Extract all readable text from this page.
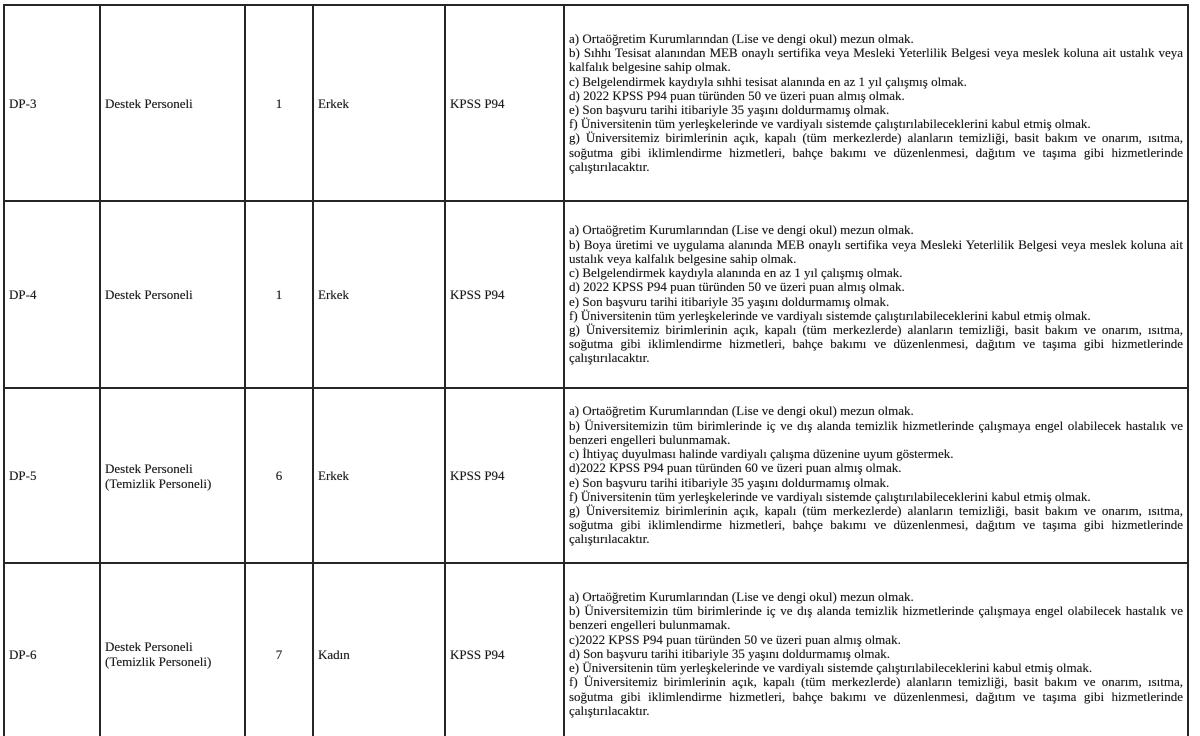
DP-3	Destek Personeli	1	Erkek	KPSS P94	
a) Ortaöğretim Kurumlarından (Lise ve dengi okul) mezun olmak.
b) Sıhhı Tesisat alanından MEB onaylı sertifika veya Mesleki Yeterlilik Belgesi veya meslek koluna ait ustalık veya kalfalık belgesine sahip olmak.
c) Belgelendirmek kaydıyla sıhhi tesisat alanında en az 1 yıl çalışmış olmak.
d) 2022 KPSS P94 puan türünden 50 ve üzeri puan almış olmak.
e) Son başvuru tarihi itibariyle 35 yaşını doldurmamış olmak.
f) Üniversitenin tüm yerleşkelerinde ve vardiyalı sistemde çalıştırılabileceklerini kabul etmiş olmak.
g) Üniversitemiz birimlerinin açık, kapalı (tüm merkezlerde) alanların temizliği, basit bakım ve onarım, ısıtma, soğutma gibi iklimlendirme hizmetleri, bahçe bakımı ve düzenlenmesi, dağıtım ve taşıma gibi hizmetlerinde çalıştırılacaktır.

DP-4	Destek Personeli	1	Erkek	KPSS P94	
a) Ortaöğretim Kurumlarından (Lise ve dengi okul) mezun olmak.
b) Boya üretimi ve uygulama alanında MEB onaylı sertifika veya Mesleki Yeterlilik Belgesi veya meslek koluna ait ustalık veya kalfalık belgesine sahip olmak.
c) Belgelendirmek kaydıyla alanında en az 1 yıl çalışmış olmak.
d) 2022 KPSS P94 puan türünden 50 ve üzeri puan almış olmak.
e) Son başvuru tarihi itibariyle 35 yaşını doldurmamış olmak.
f) Üniversitenin tüm yerleşkelerinde ve vardiyalı sistemde çalıştırılabileceklerini kabul etmiş olmak.
g) Üniversitemiz birimlerinin açık, kapalı (tüm merkezlerde) alanların temizliği, basit bakım ve onarım, ısıtma, soğutma gibi iklimlendirme hizmetleri, bahçe bakımı ve düzenlenmesi, dağıtım ve taşıma gibi hizmetlerinde çalıştırılacaktır.

DP-5	Destek Personeli (Temizlik Personeli)	6	Erkek	KPSS P94	
a) Ortaöğretim Kurumlarından (Lise ve dengi okul) mezun olmak.
b) Üniversitemizin tüm birimlerinde iç ve dış alanda temizlik hizmetlerinde çalışmaya engel olabilecek hastalık ve benzeri engelleri bulunmamak.
c) İhtiyaç duyulması halinde vardiyalı çalışma düzenine uyum göstermek.
d)2022 KPSS P94 puan türünden 60 ve üzeri puan almış olmak.
e) Son başvuru tarihi itibariyle 35 yaşını doldurmamış olmak.
f) Üniversitenin tüm yerleşkelerinde ve vardiyalı sistemde çalıştırılabileceklerini kabul etmiş olmak.
g) Üniversitemiz birimlerinin açık, kapalı (tüm merkezlerde) alanların temizliği, basit bakım ve onarım, ısıtma, soğutma gibi iklimlendirme hizmetleri, bahçe bakımı ve düzenlenmesi, dağıtım ve taşıma gibi hizmetlerinde çalıştırılacaktır.

DP-6	Destek Personeli (Temizlik Personeli)	7	Kadın	KPSS P94	
a) Ortaöğretim Kurumlarından (Lise ve dengi okul) mezun olmak.
b) Üniversitemizin tüm birimlerinde iç ve dış alanda temizlik hizmetlerinde çalışmaya engel olabilecek hastalık ve benzeri engelleri bulunmamak.
c)2022 KPSS P94 puan türünden 50 ve üzeri puan almış olmak.
d) Son başvuru tarihi itibariyle 35 yaşını doldurmamış olmak.
e) Üniversitenin tüm yerleşkelerinde ve vardiyalı sistemde çalıştırılabileceklerini kabul etmiş olmak.
f) Üniversitemiz birimlerinin açık, kapalı (tüm merkezlerde) alanların temizliği, basit bakım ve onarım, ısıtma, soğutma gibi iklimlendirme hizmetleri, bahçe bakımı ve düzenlenmesi, dağıtım ve taşıma gibi hizmetlerinde çalıştırılacaktır.
